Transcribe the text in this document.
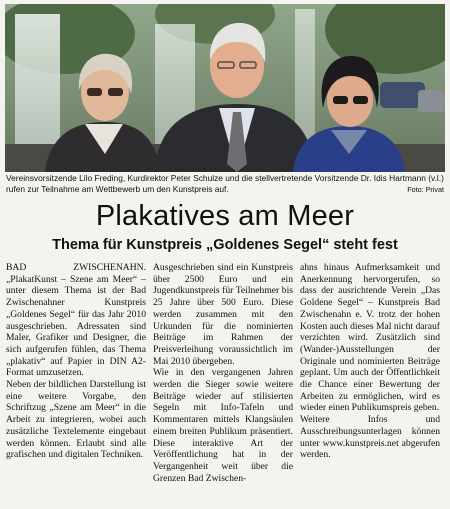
Vereinsvorsitzende Lilo Freding, Kurdirektor Peter Schulze und die stellvertretende Vorsitzende Dr. Idis Hartmann (v.l.) rufen zur Teilnahme am Wettbewerb um den Kunstpreis auf.	Foto: Privat
Plakatives am Meer
Thema für Kunstpreis „Goldenes Segel“ steht fest

BAD ZWISCHENAHN. „PlakatKunst – Szene am Meer“ – unter diesem Thema ist der Bad Zwischenahner Kunstpreis „Goldenes Segel“ für das Jahr 2010 ausgeschrieben. Adressaten sind Maler, Grafiker und Designer, die sich aufgerufen fühlen, das Thema „plakativ“ auf Papier in DIN A2-Format umzusetzen.

Neben der bildlichen Darstellung ist eine weitere Vorgabe, den Schriftzug „Szene am Meer“ in die Arbeit zu integrieren, wobei auch zusätzliche Textelemente eingebaut werden können. Erlaubt sind alle grafischen und digitalen Techniken.

Ausgeschrieben sind ein Kunstpreis über 2500 Euro und ein Jugendkunstpreis für Teilnehmer bis 25 Jahre über 500 Euro. Diese werden zusammen mit den Urkunden für die nominierten Beiträge im Rahmen der Preisverleihung voraussichtlich im Mai 2010 übergeben.

Wie in den vergangenen Jahren werden die Sieger sowie weitere Beiträge wieder auf stilisierten Segeln mit Info-Tafeln und Kommentaren mittels Klangsäulen einem breiten Publikum präsentiert. Diese interaktive Art der Veröffentlichung hat in der Vergangenheit weit über die Grenzen Bad Zwischen-

ahns hinaus Aufmerksamkeit und Anerkennung hervorgerufen, so dass der ausrichtende Verein „Das Goldene Segel“ – Kunstpreis Bad Zwischenahn e. V. trotz der hohen Kosten auch dieses Mal nicht darauf verzichten wird. Zusätzlich sind (Wander-)Ausstellungen der Originale und nominierten Beiträge geplant. Um auch der Öffentlichkeit die Chance einer Bewertung der Arbeiten zu ermöglichen, wird es wieder einen Publikumspreis geben.

Weitere Infos und Ausschreibungsunterlagen können unter www.kunstpreis.net abgerufen werden.
